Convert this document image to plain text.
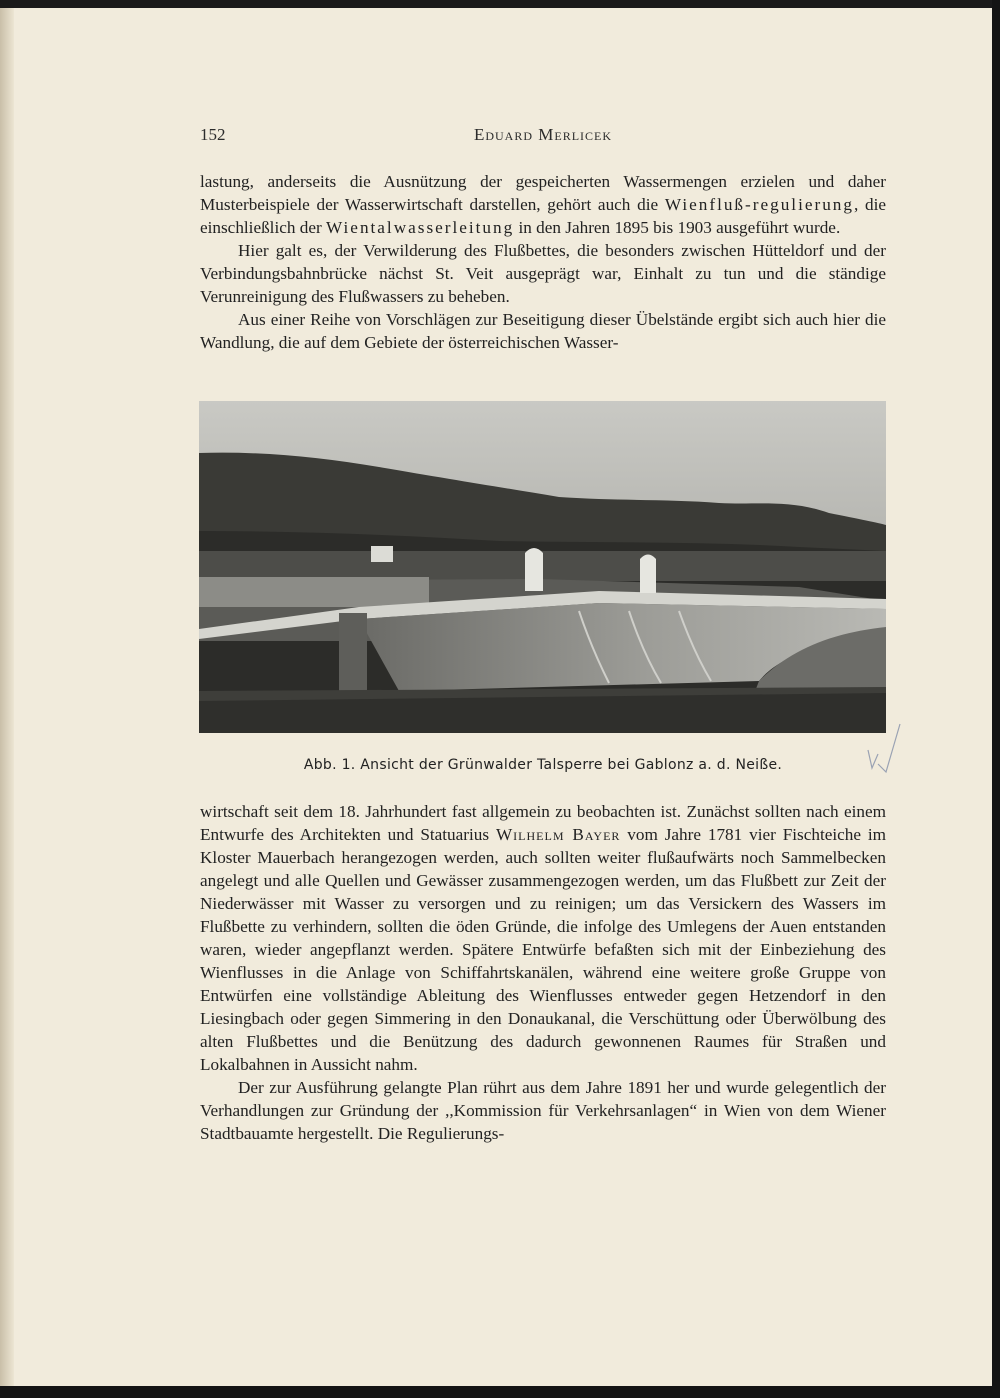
152	Eduard Merlicek

lastung, anderseits die Ausnützung der gespeicherten Wassermengen erzielen und daher Musterbeispiele der Wasserwirtschaft darstellen, gehört auch die Wienfluß-regulierung, die einschließlich der Wientalwasserleitung in den Jahren 1895 bis 1903 ausgeführt wurde.

Hier galt es, der Verwilderung des Flußbettes, die besonders zwischen Hütteldorf und der Verbindungsbahnbrücke nächst St. Veit ausgeprägt war, Einhalt zu tun und die ständige Verunreinigung des Flußwassers zu beheben.

Aus einer Reihe von Vorschlägen zur Beseitigung dieser Übelstände ergibt sich auch hier die Wandlung, die auf dem Gebiete der österreichischen Wasser-

Abb. 1. Ansicht der Grünwalder Talsperre bei Gablonz a. d. Neiße.

wirtschaft seit dem 18. Jahrhundert fast allgemein zu beobachten ist. Zunächst sollten nach einem Entwurfe des Architekten und Statuarius Wilhelm Bayer vom Jahre 1781 vier Fischteiche im Kloster Mauerbach herangezogen werden, auch sollten weiter flußaufwärts noch Sammelbecken angelegt und alle Quellen und Gewässer zusammengezogen werden, um das Flußbett zur Zeit der Niederwässer mit Wasser zu versorgen und zu reinigen; um das Versickern des Wassers im Flußbette zu verhindern, sollten die öden Gründe, die infolge des Umlegens der Auen entstanden waren, wieder angepflanzt werden. Spätere Entwürfe befaßten sich mit der Einbeziehung des Wienflusses in die Anlage von Schiffahrtskanälen, während eine weitere große Gruppe von Entwürfen eine vollständige Ableitung des Wienflusses entweder gegen Hetzendorf in den Liesingbach oder gegen Simmering in den Donaukanal, die Verschüttung oder Überwölbung des alten Flußbettes und die Benützung des dadurch gewonnenen Raumes für Straßen und Lokalbahnen in Aussicht nahm.

Der zur Ausführung gelangte Plan rührt aus dem Jahre 1891 her und wurde gelegentlich der Verhandlungen zur Gründung der ,,Kommission für Verkehrsanlagen“ in Wien von dem Wiener Stadtbauamte hergestellt. Die Regulierungs-
